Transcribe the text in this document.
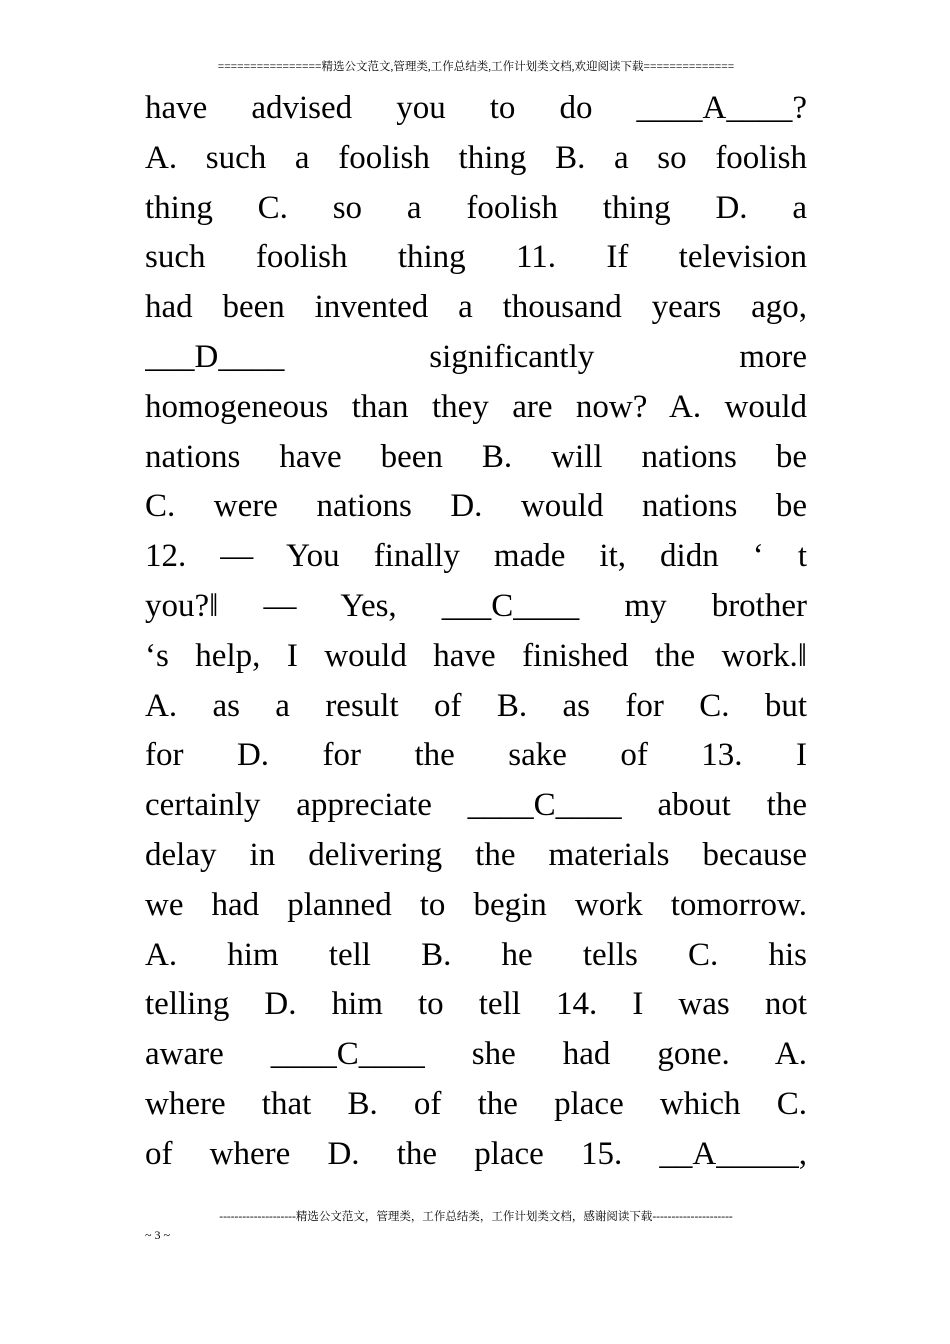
================精选公文范文,管理类,工作总结类,工作计划类文档,欢迎阅读下载==============
have advised you to do ____A____?
A. such a foolish thing B. a so foolish
thing C. so a foolish thing D. a
such foolish thing 11. If television
had been invented a thousand years ago,
___D____ significantly more
homogeneous than they are now? A. would
nations have been B. will nations be
C. were nations D. would nations be
12. — You finally made it, didn ‘ t
you?‖ — Yes, ___C____ my brother
‘s help, I would have finished the work.‖
A. as a result of B. as for C. but
for D. for the sake of 13. I
certainly appreciate ____C____ about the
delay in delivering the materials because
we had planned to begin work tomorrow.
A. him tell B. he tells C. his
telling D. him to tell 14. I was not
aware ____C____ she had gone. A.
where that B. of the place which C.
of where D. the place 15. __A_____,
--------------------精选公文范文，管理类，工作总结类，工作计划类文档，感谢阅读下载---------------------
~ 3 ~
